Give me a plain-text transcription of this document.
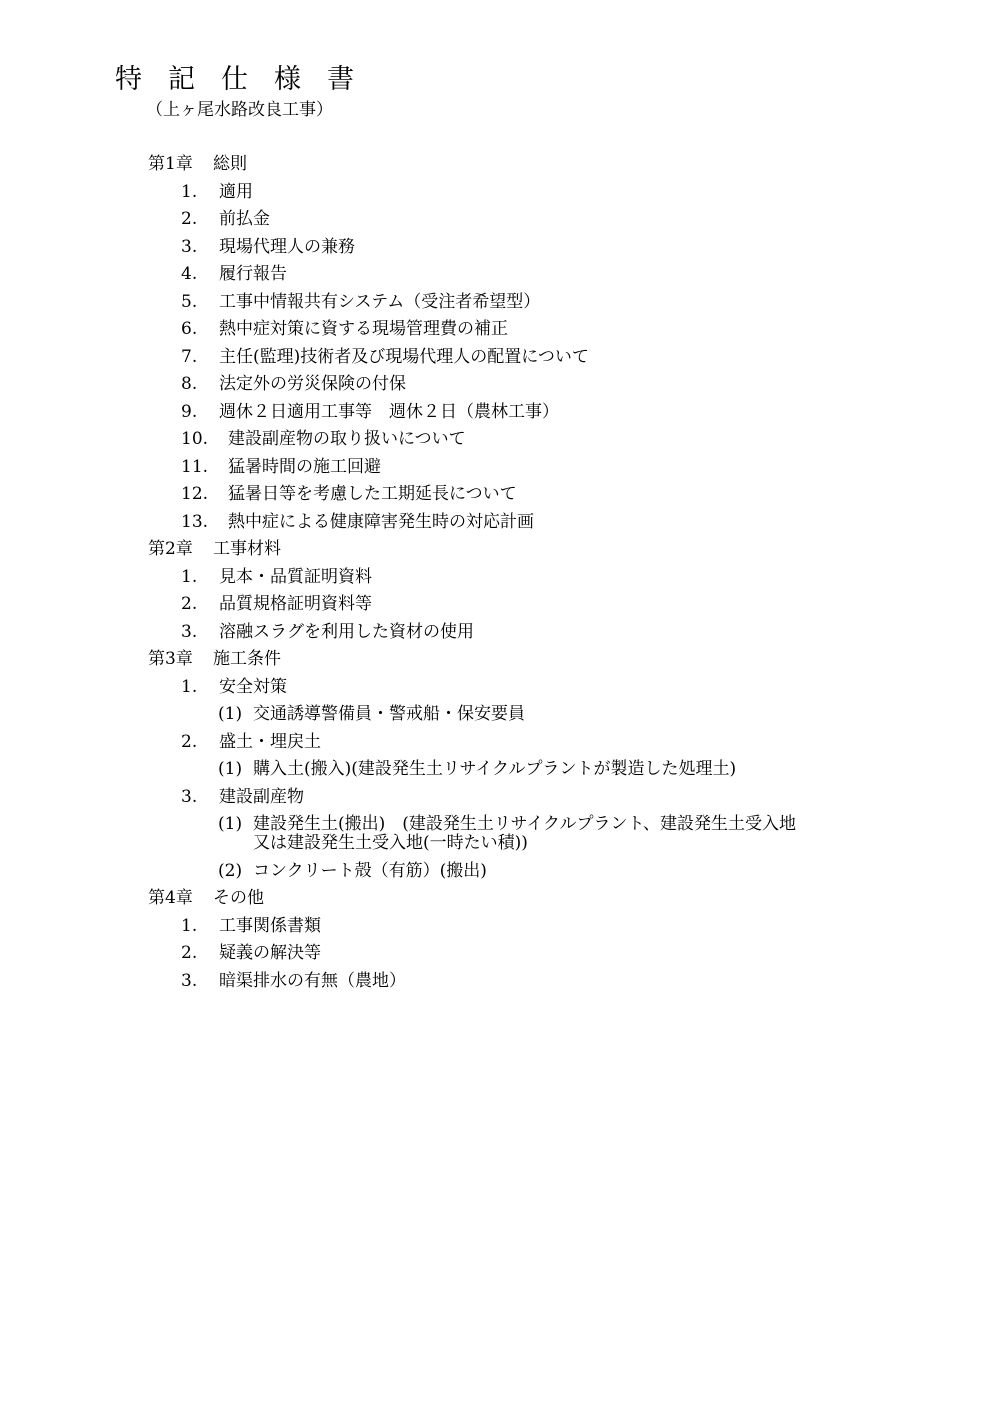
特記仕様書
（上ヶ尾水路改良工事）
第1章 総則
1. 適用
2. 前払金
3. 現場代理人の兼務
4. 履行報告
5. 工事中情報共有システム（受注者希望型）
6. 熱中症対策に資する現場管理費の補正
7. 主任(監理)技術者及び現場代理人の配置について
8. 法定外の労災保険の付保
9. 週休２日適用工事等　週休２日（農林工事）
10. 建設副産物の取り扱いについて
11. 猛暑時間の施工回避
12. 猛暑日等を考慮した工期延長について
13. 熱中症による健康障害発生時の対応計画
第2章 工事材料
1. 見本・品質証明資料
2. 品質規格証明資料等
3. 溶融スラグを利用した資材の使用
第3章 施工条件
1. 安全対策
(1) 交通誘導警備員・警戒船・保安要員
2. 盛土・埋戻土
(1) 購入土(搬入)(建設発生土リサイクルプラントが製造した処理土)
3. 建設副産物
(1) 建設発生土(搬出)　(建設発生土リサイクルプラント、建設発生土受入地
又は建設発生土受入地(一時たい積))
(2) コンクリート殻（有筋）(搬出)
第4章 その他
1. 工事関係書類
2. 疑義の解決等
3. 暗渠排水の有無（農地）
